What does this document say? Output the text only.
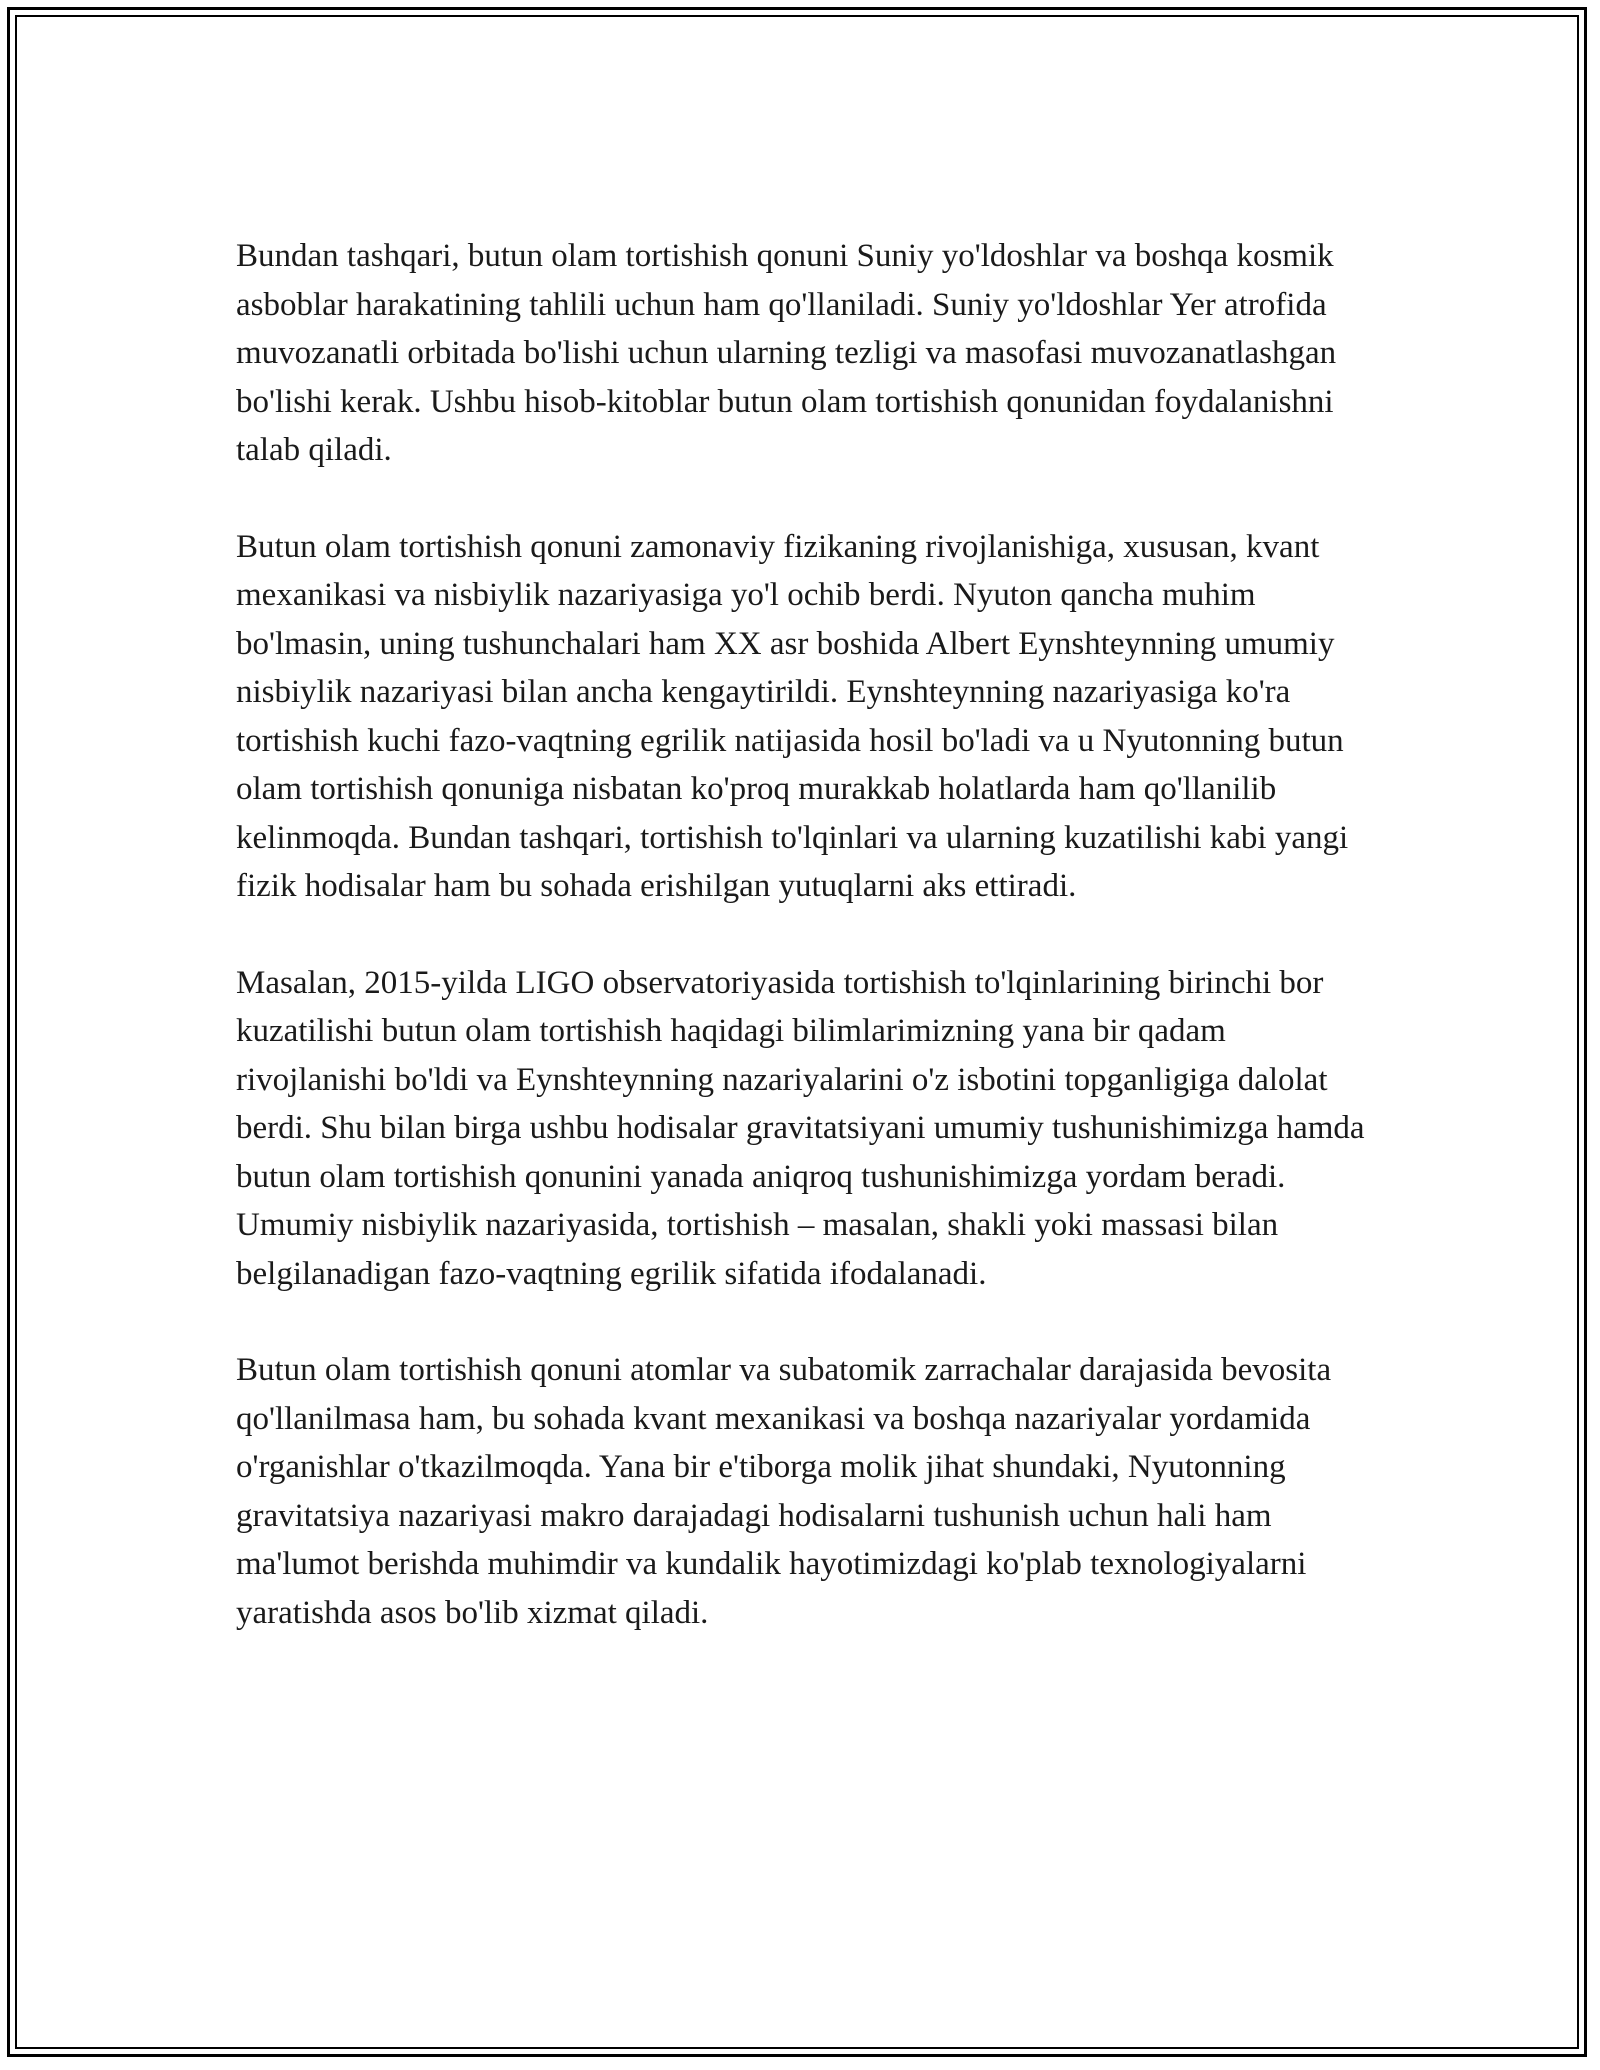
Bundan tashqari, butun olam tortishish qonuni Suniy yo'ldoshlar va boshqa kosmik asboblar harakatining tahlili uchun ham qo'llaniladi. Suniy yo'ldoshlar Yer atrofida muvozanatli orbitada bo'lishi uchun ularning tezligi va masofasi muvozanatlashgan bo'lishi kerak. Ushbu hisob-kitoblar butun olam tortishish qonunidan foydalanishni talab qiladi.

Butun olam tortishish qonuni zamonaviy fizikaning rivojlanishiga, xususan, kvant mexanikasi va nisbiylik nazariyasiga yo'l ochib berdi. Nyuton qancha muhim bo'lmasin, uning tushunchalari ham XX asr boshida Albert Eynshteynning umumiy nisbiylik nazariyasi bilan ancha kengaytirildi. Eynshteynning nazariyasiga ko'ra tortishish kuchi fazo-vaqtning egrilik natijasida hosil bo'ladi va u Nyutonning butun olam tortishish qonuniga nisbatan ko'proq murakkab holatlarda ham qo'llanilib kelinmoqda. Bundan tashqari, tortishish to'lqinlari va ularning kuzatilishi kabi yangi fizik hodisalar ham bu sohada erishilgan yutuqlarni aks ettiradi.

Masalan, 2015-yilda LIGO observatoriyasida tortishish to'lqinlarining birinchi bor kuzatilishi butun olam tortishish haqidagi bilimlarimizning yana bir qadam rivojlanishi bo'ldi va Eynshteynning nazariyalarini o'z isbotini topganligiga dalolat berdi. Shu bilan birga ushbu hodisalar gravitatsiyani umumiy tushunishimizga hamda butun olam tortishish qonunini yanada aniqroq tushunishimizga yordam beradi. Umumiy nisbiylik nazariyasida, tortishish – masalan, shakli yoki massasi bilan belgilanadigan fazo-vaqtning egrilik sifatida ifodalanadi.

Butun olam tortishish qonuni atomlar va subatomik zarrachalar darajasida bevosita qo'llanilmasa ham, bu sohada kvant mexanikasi va boshqa nazariyalar yordamida o'rganishlar o'tkazilmoqda. Yana bir e'tiborga molik jihat shundaki, Nyutonning gravitatsiya nazariyasi makro darajadagi hodisalarni tushunish uchun hali ham ma'lumot berishda muhimdir va kundalik hayotimizdagi ko'plab texnologiyalarni yaratishda asos bo'lib xizmat qiladi.
